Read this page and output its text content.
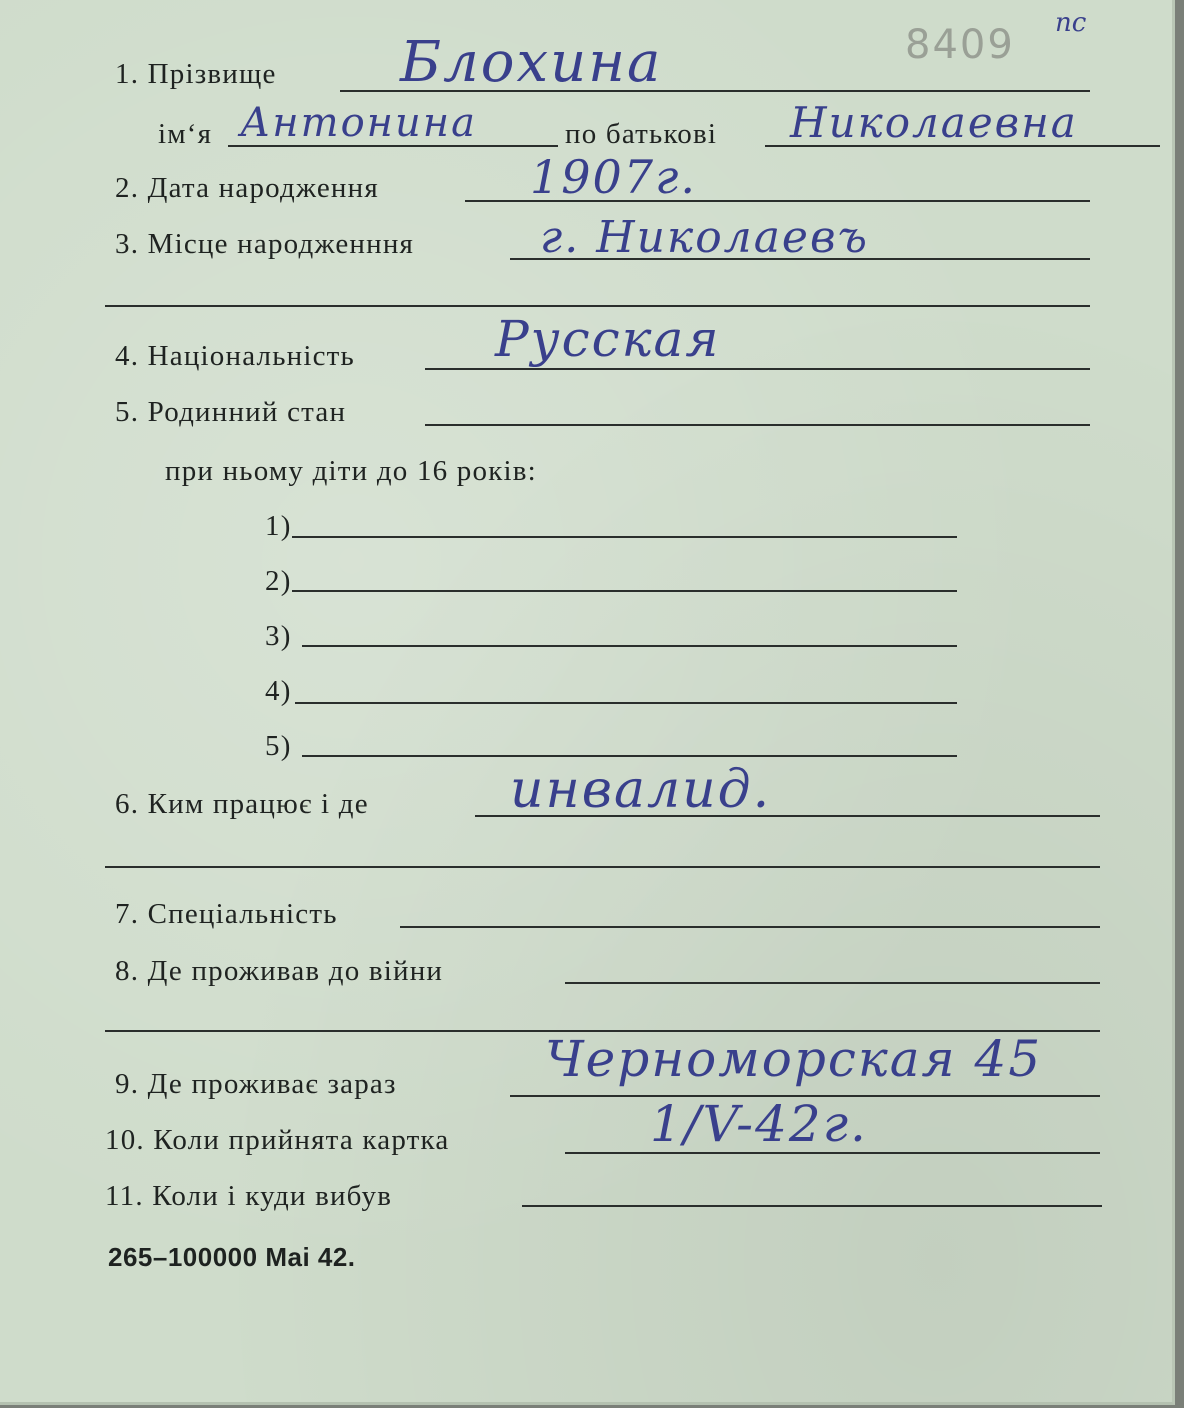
8409 пс
1. Прізвище Блохина
ім‘я Антонина	по батькові Николаевна
2. Дата народження	1907г.
3. Місце народженння	г. Николаевъ
4. Національність	Русская
5. Родинний стан
при ньому діти до 16 років:
1)
2)
3)
4)
5)
6. Ким працює і де	инвалид.
7. Спеціальність
8. Де проживав до війни
9. Де проживає зараз	Черноморская 45
10. Коли прийнята картка	1/V-42г.
11. Коли і куди вибув
265–100000 Mai 42.
